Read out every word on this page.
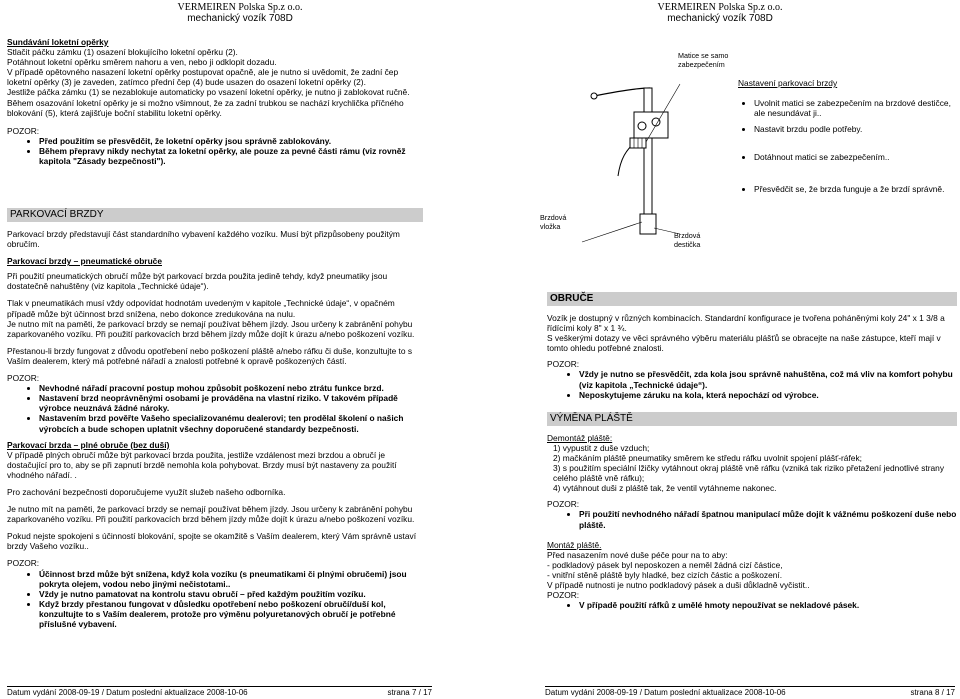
VERMEIREN Polska Sp.z o.o.
mechanický vozík 708D
Sundávání loketní opěrky
Stlačit páčku zámku (1) osazení blokujícího loketní opěrku (2).
Potáhnout loketní opěrku směrem nahoru a ven, nebo ji odklopit dozadu.
V případě opětovného nasazení loketní opěrky postupovat opačně, ale je nutno si uvědomit, že zadní čep loketní opěrky (3) je zaveden, zatímco přední čep (4) bude usazen do osazení loketní opěrky (2).
Jestliže páčka zámku (1) se nezablokuje automaticky po vsazení loketní opěrky, je nutno ji zablokovat ručně.
Během osazování loketní opěrky je si možno všimnout, že za zadní trubkou se nachází krychlička příčného blokování (5), která zajišťuje boční stabilitu loketní opěrky.
POZOR:
• Před použitím se přesvědčit, že loketní opěrky jsou správně zablokovány.
• Během přepravy nikdy nechytat za loketní opěrky, ale pouze za pevné části rámu (viz rovněž kapitola "Zásady bezpečnosti").
PARKOVACÍ BRZDY

Parkovací brzdy představují část standardního vybavení každého vozíku. Musí být přizpůsobeny použitým obručím.

Parkovací brzdy – pneumatické obruče

Při použití pneumatických obručí může být parkovací brzda použita jedině tehdy, když pneumatiky jsou dostatečně nahuštěny (viz kapitola „Technické údaje“).

Tlak v pneumatikách musí vždy odpovídat hodnotám uvedeným v kapitole „Technické údaje“, v opačném případě může být účinnost brzd snížena, nebo dokonce zredukována na nulu.

Je nutno mít na paměti, že parkovací brzdy se nemají používat během jízdy. Jsou určeny k zabránění pohybu zaparkovaného vozíku. Při použití parkovacích brzd během jízdy může dojít k úrazu a/nebo poškození vozíku.

Přestanou-li brzdy fungovat z důvodu opotřebení nebo poškození pláště a/nebo ráfku či duše, konzultujte to s Vaším dealerem, který má potřebné nářadí a znalosti potřebné k opravě poškozených částí.

POZOR:
• Nevhodné nářadí pracovní postup mohou způsobit poškození nebo ztrátu funkce brzd.
• Nastavení brzd neoprávněnými osobami je prováděna na vlastní riziko. V takovém případě výrobce neuznává žádné nároky.
• Nastavením brzd pověřte Vašeho specializovanému dealerovi; ten prodělal školení o našich výrobcích a bude schopen uplatnit všechny doporučené standardy bezpečnosti.
Parkovací brzda – plné obruče (bez duší)

V případě plných obručí může být parkovací brzda použita, jestliže vzdálenost mezi brzdou a obručí je dostačující pro to, aby se při zapnutí brzdě nemohla kola pohybovat. Brzdy musí být nastaveny za použití vhodného nářadí. .

Pro zachování bezpečnosti doporučujeme využít služeb našeho odborníka.

Je nutno mít na paměti, že parkovací brzdy se nemají používat během jízdy. Jsou určeny k zabránění pohybu zaparkovaného vozíku. Při použití parkovacích brzd během jízdy může dojít k úrazu a/nebo poškození vozíku.

Pokud nejste spokojeni s účinností blokování, spojte se okamžitě s Vaším dealerem, který Vám správně ustaví brzdy Vašeho vozíku..

POZOR:
• Účinnost brzd může být snížena, když kola vozíku (s pneumatikami či plnými obručemi) jsou pokryta olejem, vodou nebo jinými nečistotami..
• Vždy je nutno pamatovat na kontrolu stavu obručí – před každým použitím vozíku.
• Když brzdy přestanou fungovat v důsledku opotřebení nebo poškození obručí/duší kol, konzultujte to s Vaším dealerem, protože pro výměnu polyuretanových obručí je potřebné příslušné vybavení.
Datum vydání 2008-09-19 / Datum poslední aktualizace 2008-10-06	strana 7 / 17
VERMEIREN Polska Sp.z o.o.
mechanický vozík 708D
Matice se samo zabezpečením
Brzdová vložka
Brzdová destička
Nastavení parkovací brzdy
• Uvolnit matici se zabezpečením na brzdové destičce, ale nesundávat ji..
• Nastavit brzdu podle potřeby.
• Dotáhnout matici se zabezpečením..
• Přesvědčit se, že brzda funguje a že brzdí správně.
OBRUČE

Vozík je dostupný v různých kombinacích. Standardní konfigurace je tvořena poháněnými koly 24" x 1 3/8 a řídícími koly 8" x 1 ¾.

S veškerými dotazy ve věci správného výběru materiálu plášťů se obracejte na naše zástupce, kteří mají v tomto ohledu potřebné znalosti.

POZOR:
• Vždy je nutno se přesvědčit, zda kola jsou správně nahuštěna, což má vliv na komfort pohybu (viz kapitola „Technické údaje“).
• Neposkytujeme záruku na kola, která nepochází od výrobce.
VÝMĚNA PLÁŠTĚ
Demontáž pláště:
1) vypustit z duše vzduch;
2) mačkáním pláště pneumatiky směrem ke středu ráfku uvolnit spojení plášť-ráfek;
3) s použitím speciální lžičky vytáhnout okraj pláště vně ráfku (vzniká tak riziko přetažení jednotlivé strany celého pláště vně ráfku);
4) vytáhnout duši z pláště tak, že ventil vytáhneme nakonec.
POZOR:
• Při použití nevhodného nářadí špatnou manipulací může dojít k vážnému poškození duše nebo pláště.
Montáž pláště.
Před nasazením nové duše péče pour na to aby:
- podkladový pásek byl neposkozen a neměl žádná cizí částice,
- vnitřní stěně pláště byly hladké, bez cizích částic a poškození.
V případě nutnosti je nutno podkladový pásek a duši důkladně vyčistit..
POZOR:
• V případě použití ráfků z umělé hmoty nepoužívat se nekladové pásek.
Datum vydání 2008-09-19 / Datum poslední aktualizace 2008-10-06	strana 8 / 17
